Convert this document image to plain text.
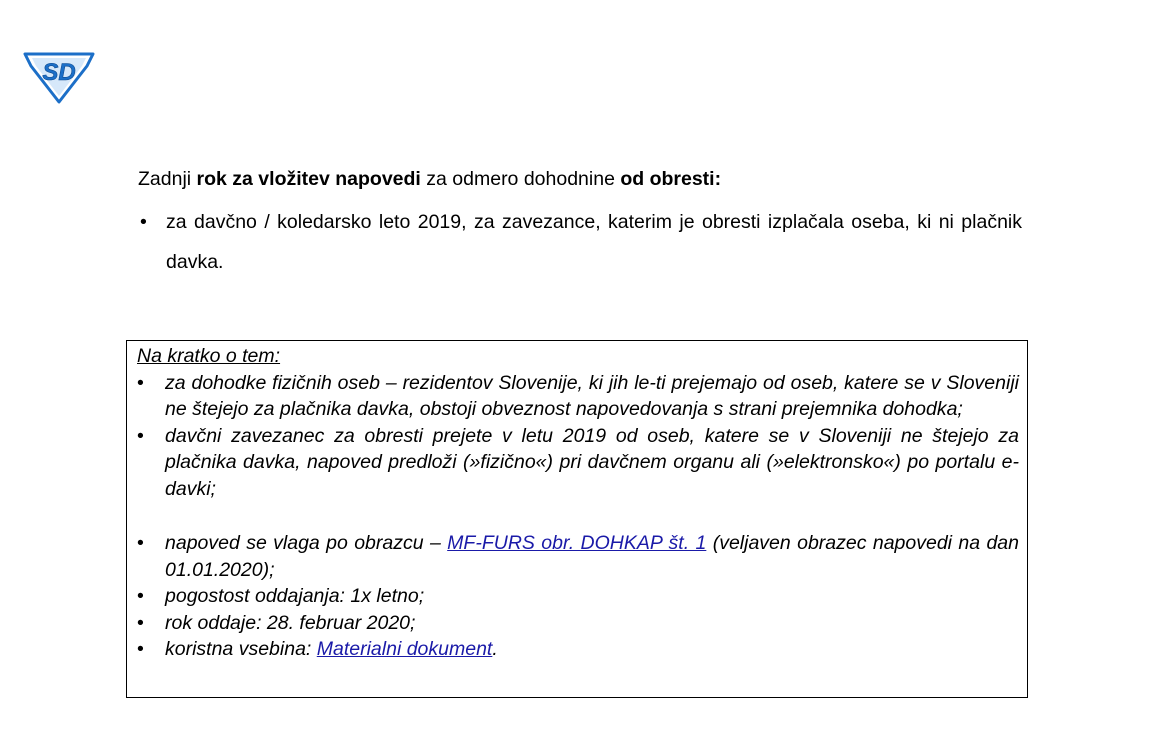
SD
Zadnji rok za vložitev napovedi za odmero dohodnine od obresti:
• za davčno / koledarsko leto 2019, za zavezance, katerim je obresti izplačala oseba, ki ni plačnik davka.
Na kratko o tem:
• za dohodke fizičnih oseb – rezidentov Slovenije, ki jih le-ti prejemajo od oseb, katere se v Sloveniji ne štejejo za plačnika davka, obstoji obveznost napovedovanja s strani prejemnika dohodka;
• davčni zavezanec za obresti prejete v letu 2019 od oseb, katere se v Sloveniji ne štejejo za plačnika davka, napoved predloži (»fizično«) pri davčnem organu ali (»elektronsko«) po portalu e-davki;
• napoved se vlaga po obrazcu – MF-FURS obr. DOHKAP št. 1 (veljaven obrazec napovedi na dan 01.01.2020);
• pogostost oddajanja: 1x letno;
• rok oddaje: 28. februar 2020;
• koristna vsebina: Materialni dokument.
